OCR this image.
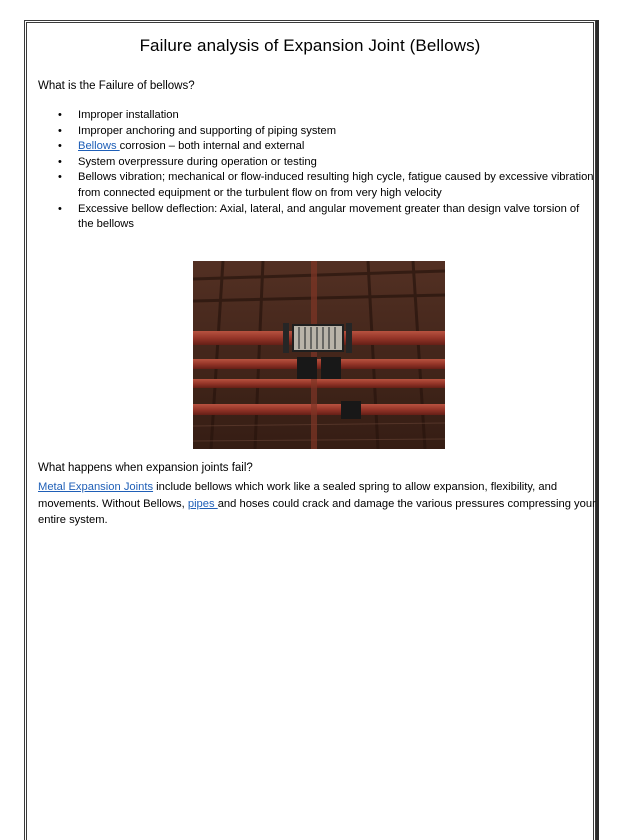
Failure analysis of Expansion Joint (Bellows)
What is the Failure of bellows?
• Improper installation
• Improper anchoring and supporting of piping system
• Bellows corrosion – both internal and external
• System overpressure during operation or testing
• Bellows vibration; mechanical or flow-induced resulting high cycle, fatigue caused by excessive vibration from connected equipment or the turbulent flow on from very high velocity
• Excessive bellow deflection: Axial, lateral, and angular movement greater than design valve torsion of the bellows
What happens when expansion joints fail?
Metal Expansion Joints include bellows which work like a sealed spring to allow expansion, flexibility, and movements. Without Bellows, pipes and hoses could crack and damage the various pressures compressing your entire system.
